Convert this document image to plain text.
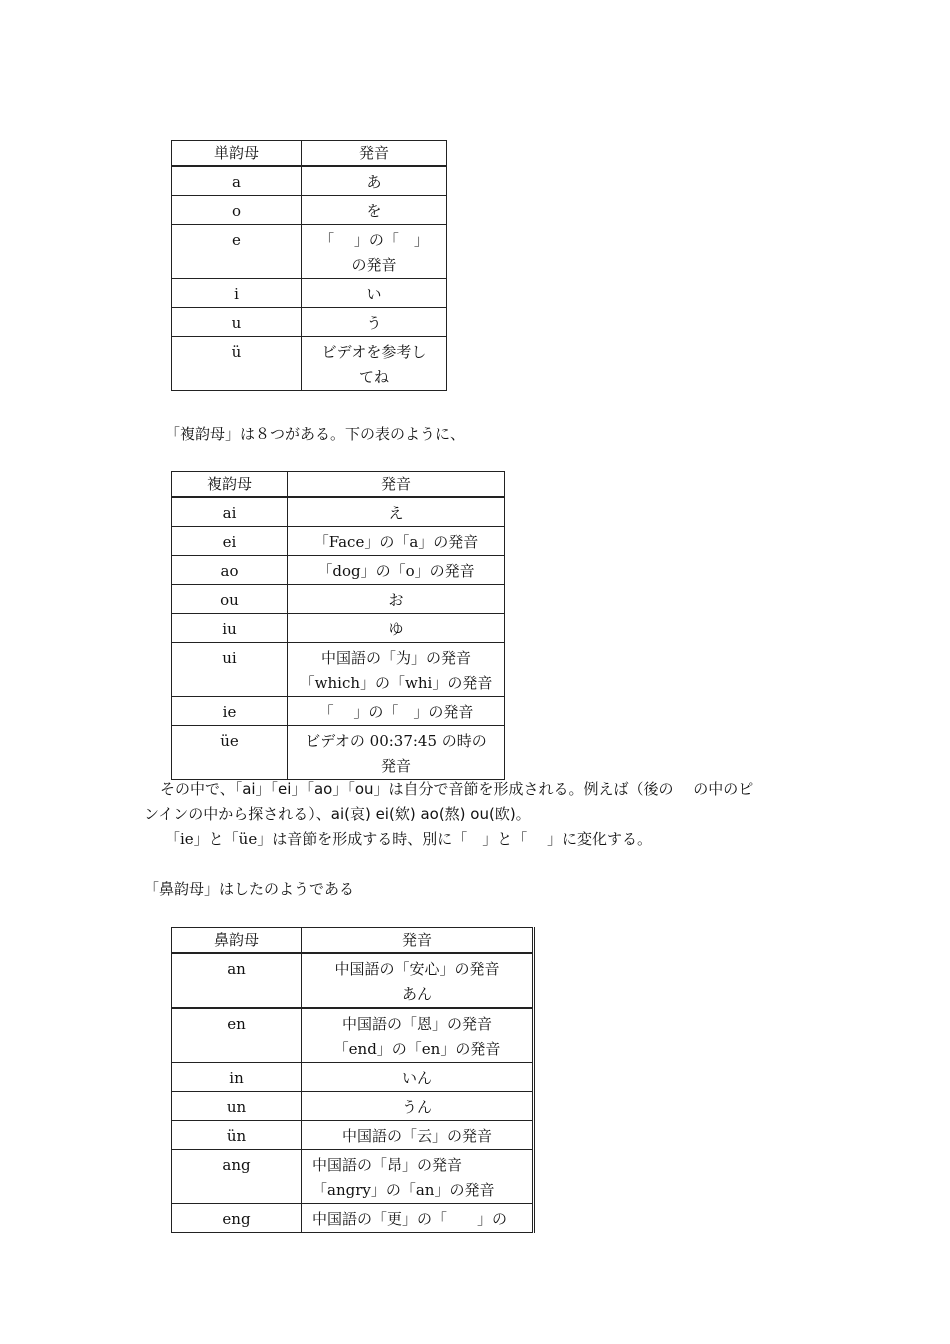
単韵母	発音
a	あ
o	を
e	「　 」の「　」
の発音
i	い
u	う
ü	ビデオを参考し
てね
「複韵母」は８つがある。下の表のように、
複韵母	発音
ai	え
ei	「Face」の「a」の発音
ao	「dog」の「o」の発音
ou	お
iu	ゆ
ui	中国語の「为」の発音
「which」の「whi」の発音
ie	「　 」の「　」の発音
üe	ビデオの 00:37:45 の時の
発音
その中で、「ai」「ei」「ao」「ou」は自分で音節を形成される。例えば（後の　 の中のピ
ンインの中から探される）、ai(哀) ei(欸) ao(熬) ou(欧)。
「ie」と「üe」は音節を形成する時、別に「　」と「　 」に変化する。
「鼻韵母」はしたのようである
鼻韵母	発音
an	中国語の「安心」の発音
あん
en	中国語の「恩」の発音
「end」の「en」の発音
in	いん
un	うん
ün	中国語の「云」の発音
ang	中国語の「昂」の発音
「angry」の「an」の発音
eng	中国語の「更」の「　　」の
